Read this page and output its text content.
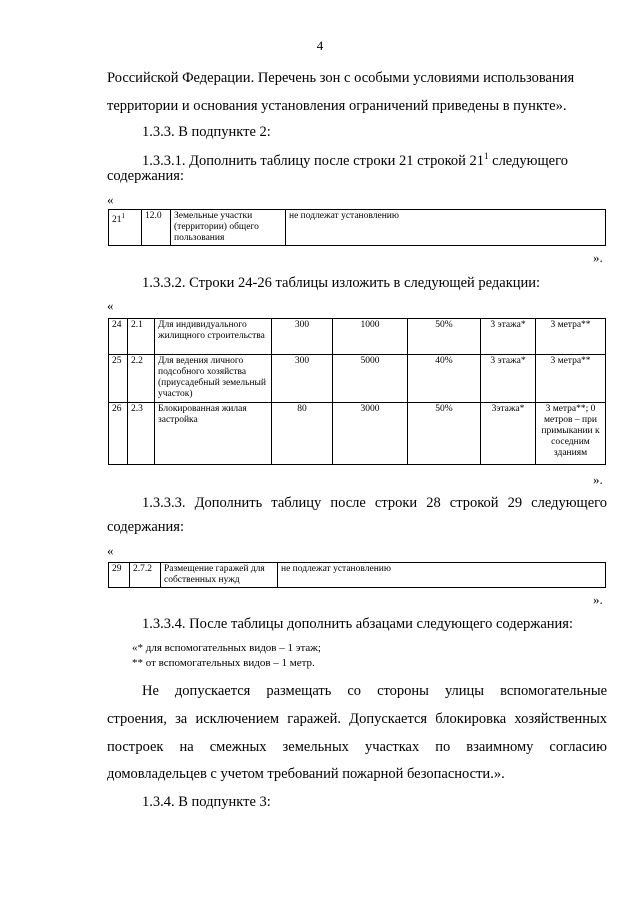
4

Российской Федерации. Перечень зон с особыми условиями использования

территории и основания установления ограничений приведены в пункте».

1.3.3. В подпункте 2:

1.3.3.1. Дополнить таблицу после строки 21 строкой $21^1$ следующего

содержания:

«
$21^1$	12.0	Земельные участки (территории) общего пользования	не подлежат установлению
».

1.3.3.2. Строки 24-26 таблицы изложить в следующей редакции:

«
24	2.1	Для индивидуального жилищного строительства	300	1000	50%	3 этажа*	3 метра**
25	2.2	Для ведения личного подсобного хозяйства (приусадебный земельный участок)	300	5000	40%	3 этажа*	3 метра**
26	2.3	Блокированная жилая застройка	80	3000	50%	3этажа*	3 метра**; 0 метров – при примыкании к соседним зданиям
».

1.3.3.3. Дополнить таблицу после строки 28 строкой 29 следующего

содержания:

«
29	2.7.2	Размещение гаражей для собственных нужд	не подлежат установлению
».

1.3.3.4. После таблицы дополнить абзацами следующего содержания:

«* для вспомогательных видов – 1 этаж;
** от вспомогательных видов – 1 метр.

Не допускается размещать со стороны улицы вспомогательные

строения, за исключением гаражей. Допускается блокировка хозяйственных

построек на смежных земельных участках по взаимному согласию

домовладельцев с учетом требований пожарной безопасности.».

1.3.4. В подпункте 3:
